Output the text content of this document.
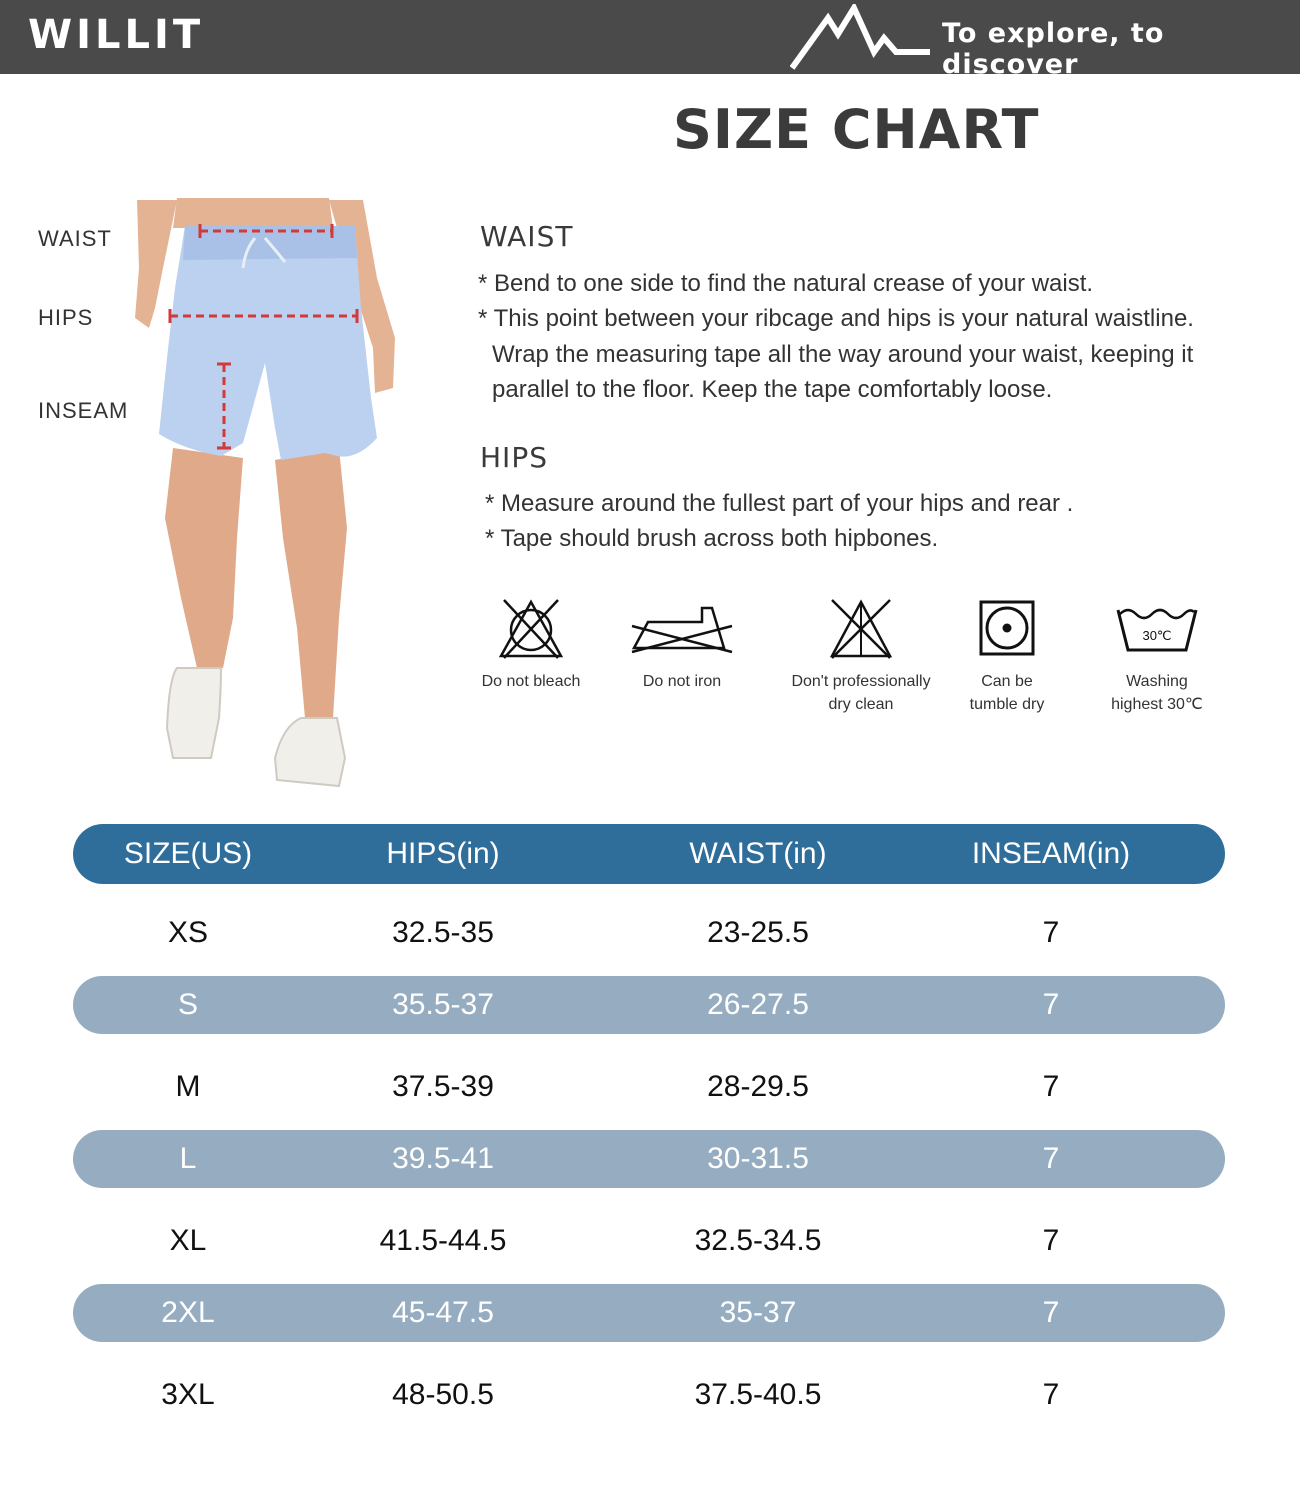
WILLIT	To explore, to discover
SIZE CHART
WAIST
HIPS
INSEAM
WAIST
* Bend to one side to find the natural crease of your waist.
* This point between your ribcage and hips is your natural waistline.
Wrap the measuring tape all the way around your waist, keeping it
parallel to the floor. Keep the tape comfortably loose.
HIPS
* Measure around the fullest part of your hips and rear .
* Tape should brush across both hipbones.
Do not bleach	Do not iron	Don't professionally
dry clean
Can be
tumble dry
30℃
Washing
highest 30℃
SIZE(US)	HIPS(in)	WAIST(in)	INSEAM(in)
XS	32.5-35	23-25.5	7
S	35.5-37	26-27.5	7
M	37.5-39	28-29.5	7
L	39.5-41	30-31.5	7
XL	41.5-44.5	32.5-34.5	7
2XL	45-47.5	35-37	7
3XL	48-50.5	37.5-40.5	7
